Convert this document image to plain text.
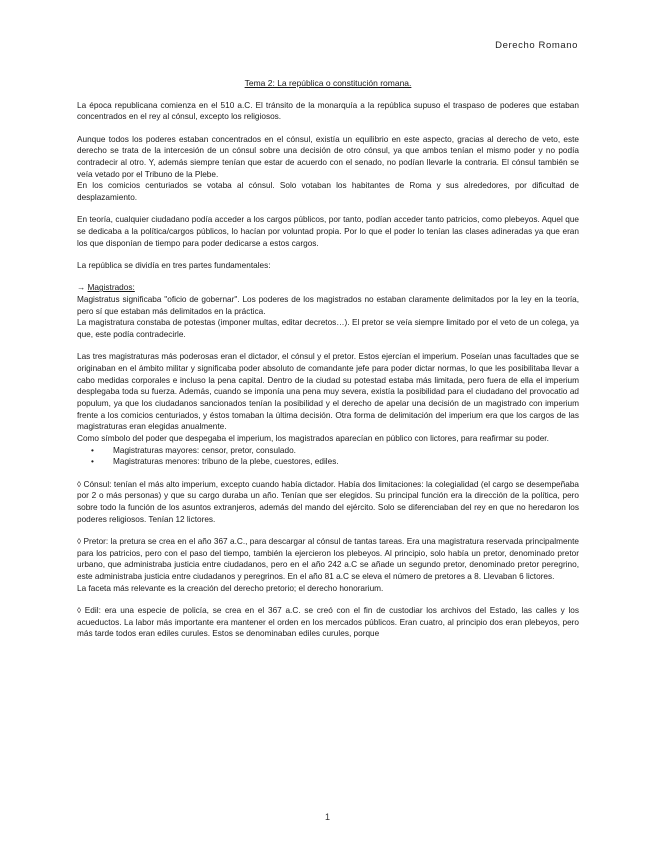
Derecho Romano

Tema 2: La república o constitución romana.

La época republicana comienza en el 510 a.C. El tránsito de la monarquía a la república supuso el traspaso de poderes que estaban concentrados en el rey al cónsul, excepto los religiosos.

Aunque todos los poderes estaban concentrados en el cónsul, existía un equilibrio en este aspecto, gracias al derecho de veto, este derecho se trata de la intercesión de un cónsul sobre una decisión de otro cónsul, ya que ambos tenían el mismo poder y no podía contradecir al otro. Y, además siempre tenían que estar de acuerdo con el senado, no podían llevarle la contraria. El cónsul también se veía vetado por el Tribuno de la Plebe.

En los comicios centuriados se votaba al cónsul. Solo votaban los habitantes de Roma y sus alrededores, por dificultad de desplazamiento.

En teoría, cualquier ciudadano podía acceder a los cargos públicos, por tanto, podían acceder tanto patricios, como plebeyos. Aquel que se dedicaba a la política/cargos públicos, lo hacían por voluntad propia. Por lo que el poder lo tenían las clases adineradas ya que eran los que disponían de tiempo para poder dedicarse a estos cargos.

La república se dividía en tres partes fundamentales:

→ Magistrados:

Magistratus significaba "oficio de gobernar". Los poderes de los magistrados no estaban claramente delimitados por la ley en la teoría, pero sí que estaban más delimitados en la práctica.

La magistratura constaba de potestas (imponer multas, editar decretos…). El pretor se veía siempre limitado por el veto de un colega, ya que, este podía contradecirle.

Las tres magistraturas más poderosas eran el dictador, el cónsul y el pretor. Estos ejercían el imperium. Poseían unas facultades que se originaban en el ámbito militar y significaba poder absoluto de comandante jefe para poder dictar normas, lo que les posibilitaba llevar a cabo medidas corporales e incluso la pena capital. Dentro de la ciudad su potestad estaba más limitada, pero fuera de ella el imperium desplegaba toda su fuerza. Además, cuando se imponía una pena muy severa, existía la posibilidad para el ciudadano del provocatio ad populum, ya que los ciudadanos sancionados tenían la posibilidad y el derecho de apelar una decisión de un magistrado con imperium frente a los comicios centuriados, y éstos tomaban la última decisión. Otra forma de delimitación del imperium era que los cargos de las magistraturas eran elegidas anualmente.

Como símbolo del poder que despegaba el imperium, los magistrados aparecían en público con lictores, para reafirmar su poder.

• Magistraturas mayores: censor, pretor, consulado.
• Magistraturas menores: tribuno de la plebe, cuestores, ediles.

◊ Cónsul: tenían el más alto imperium, excepto cuando había dictador. Había dos limitaciones: la colegialidad (el cargo se desempeñaba por 2 o más personas) y que su cargo duraba un año. Tenían que ser elegidos. Su principal función era la dirección de la política, pero sobre todo la función de los asuntos extranjeros, además del mando del ejército. Solo se diferenciaban del rey en que no heredaron los poderes religiosos. Tenían 12 lictores.

◊ Pretor: la pretura se crea en el año 367 a.C., para descargar al cónsul de tantas tareas. Era una magistratura reservada principalmente para los patricios, pero con el paso del tiempo, también la ejercieron los plebeyos. Al principio, solo había un pretor, denominado pretor urbano, que administraba justicia entre ciudadanos, pero en el año 242 a.C se añade un segundo pretor, denominado pretor peregrino, este administraba justicia entre ciudadanos y peregrinos. En el año 81 a.C se eleva el número de pretores a 8. Llevaban 6 lictores.

La faceta más relevante es la creación del derecho pretorio; el derecho honorarium.

◊ Edil: era una especie de policía, se crea en el 367 a.C. se creó con el fin de custodiar los archivos del Estado, las calles y los acueductos. La labor más importante era mantener el orden en los mercados públicos. Eran cuatro, al principio dos eran plebeyos, pero más tarde todos eran ediles curules. Estos se denominaban ediles curules, porque

1
